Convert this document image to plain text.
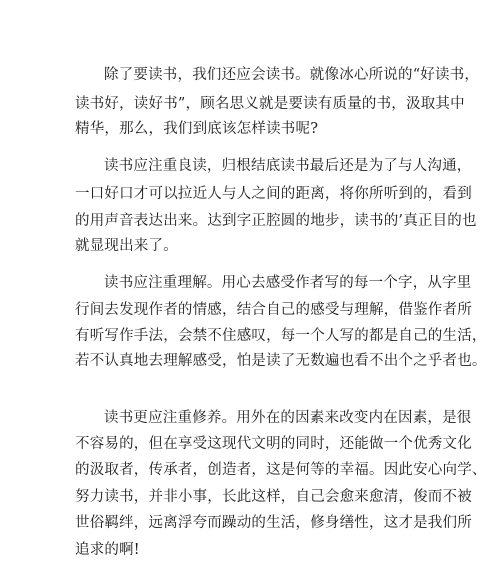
除了要读书，我们还应会读书。就像冰心所说的“好读书，
读书好，读好书”，顾名思义就是要读有质量的书，汲取其中
精华，那么，我们到底该怎样读书呢?
读书应注重良读，归根结底读书最后还是为了与人沟通，
一口好口才可以拉近人与人之间的距离，将你所听到的，看到
的用声音表达出来。达到字正腔圆的地步，读书的’真正目的也
就显现出来了。
读书应注重理解。用心去感受作者写的每一个字，从字里
行间去发现作者的情感，结合自己的感受与理解，借鉴作者所
有听写作手法，会禁不住感叹，每一个人写的都是自己的生活，
若不认真地去理解感受，怕是读了无数遍也看不出个之乎者也。
读书更应注重修养。用外在的因素来改变内在因素，是很
不容易的，但在享受这现代文明的同时，还能做一个优秀文化
的汲取者，传承者，创造者，这是何等的幸福。因此安心向学、
努力读书，并非小事，长此这样，自己会愈来愈清，俊而不被
世俗羁绊，远离浮夸而躁动的生活，修身缮性，这才是我们所
追求的啊!
